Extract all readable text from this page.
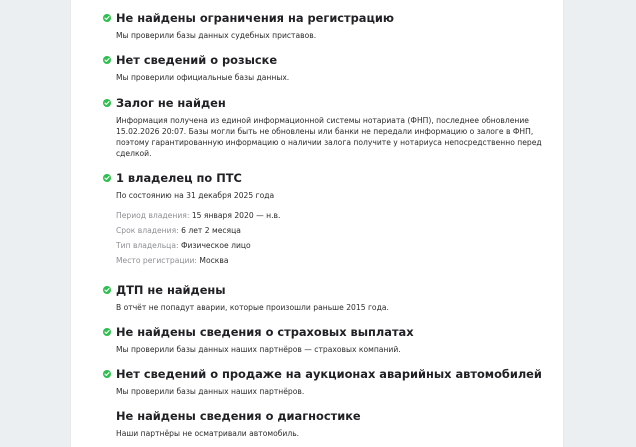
Не найдены ограничения на регистрацию
Мы проверили базы данных судебных приставов.
Нет сведений о розыске
Мы проверили официальные базы данных.
Залог не найден
Информация получена из единой информационной системы нотариата (ФНП), последнее обновление 15.02.2026 20:07. Базы могли быть не обновлены или банки не передали информацию о залоге в ФНП, поэтому гарантированную информацию о наличии залога получите у нотариуса непосредственно перед сделкой.
1 владелец по ПТС
По состоянию на 31 декабря 2025 года
Период владения: 15 января 2020 — н.в.
Срок владения: 6 лет 2 месяца
Тип владельца: Физическое лицо
Место регистрации: Москва
ДТП не найдены
В отчёт не попадут аварии, которые произошли раньше 2015 года.
Не найдены сведения о страховых выплатах
Мы проверили базы данных наших партнёров — страховых компаний.
Нет сведений о продаже на аукционах аварийных автомобилей
Мы проверили базы данных наших партнёров.
Не найдены сведения о диагностике
Наши партнёры не осматривали автомобиль.
